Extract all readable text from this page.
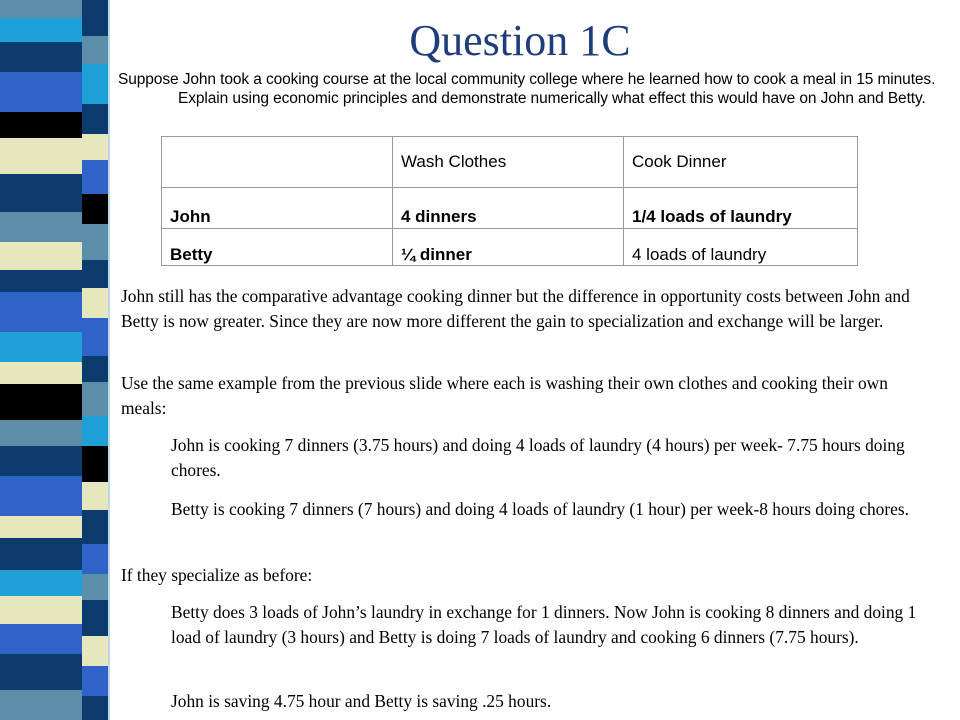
Question 1C
Suppose John took a cooking course at the local community college where he learned how to cook a meal in 15 minutes. Explain using economic principles and demonstrate numerically what effect this would have on John and Betty.
	Wash Clothes	Cook Dinner
John	4 dinners	1/4 loads of laundry
Betty	¼ dinner	4 loads of laundry
John still has the comparative advantage cooking dinner but the difference in opportunity costs between John and Betty is now greater. Since they are now more different the gain to specialization and exchange will be larger.
Use the same example from the previous slide where each is washing their own clothes and cooking their own meals:
John is cooking 7 dinners (3.75 hours) and doing 4 loads of laundry (4 hours) per week- 7.75 hours doing chores.
Betty is cooking 7 dinners (7 hours) and doing 4 loads of laundry (1 hour) per week-8 hours doing chores.
If they specialize as before:
Betty does 3 loads of John’s laundry in exchange for 1 dinners. Now John is cooking 8 dinners and doing 1 load of laundry (3 hours) and Betty is doing 7 loads of laundry and cooking 6 dinners (7.75 hours).
John is saving 4.75 hour and Betty is saving .25 hours.
